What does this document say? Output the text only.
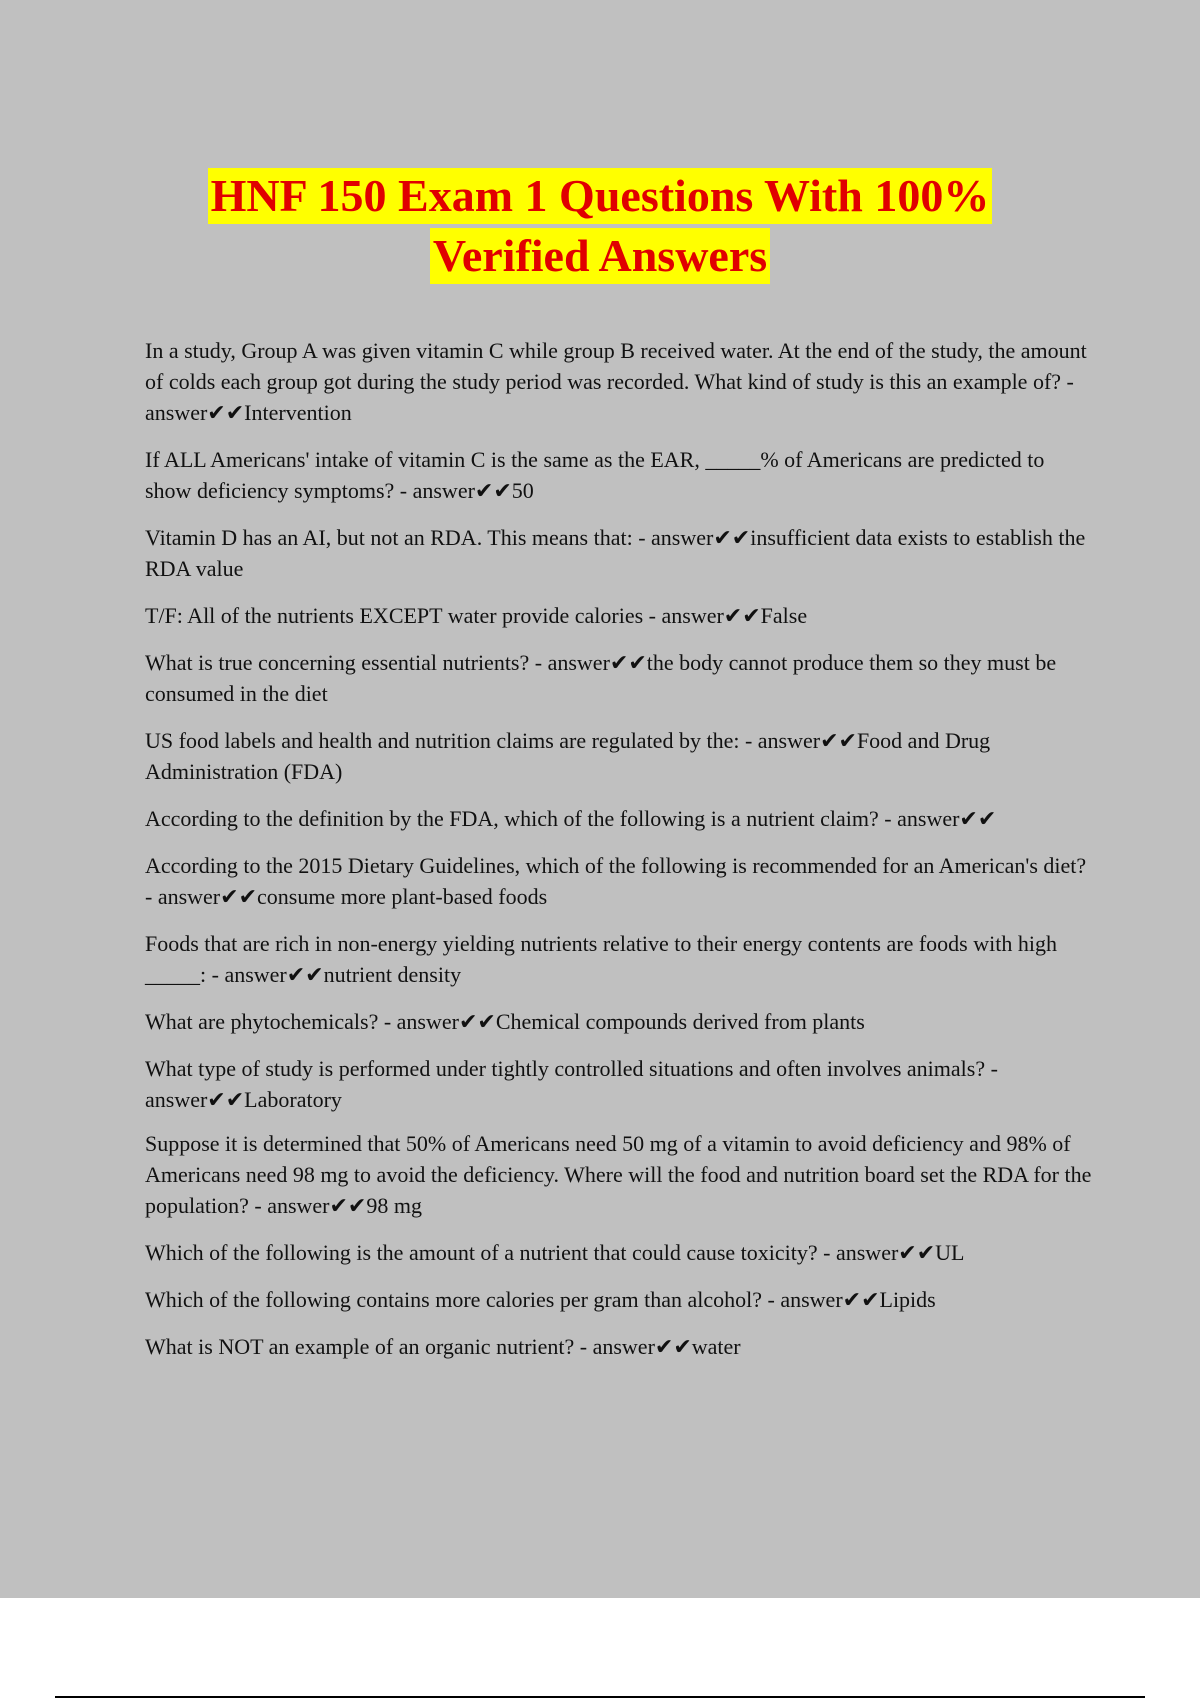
HNF 150 Exam 1 Questions With 100%
Verified Answers

In a study, Group A was given vitamin C while group B received water. At the end of the study, the amount of colds each group got during the study period was recorded. What kind of study is this an example of? - answer✔✔Intervention

If ALL Americans' intake of vitamin C is the same as the EAR, _____% of Americans are predicted to show deficiency symptoms? - answer✔✔50

Vitamin D has an AI, but not an RDA. This means that: - answer✔✔insufficient data exists to establish the RDA value

T/F: All of the nutrients EXCEPT water provide calories - answer✔✔False

What is true concerning essential nutrients? - answer✔✔the body cannot produce them so they must be consumed in the diet

US food labels and health and nutrition claims are regulated by the: - answer✔✔Food and Drug Administration (FDA)

According to the definition by the FDA, which of the following is a nutrient claim? - answer✔✔

According to the 2015 Dietary Guidelines, which of the following is recommended for an American's diet? - answer✔✔consume more plant-based foods

Foods that are rich in non-energy yielding nutrients relative to their energy contents are foods with high _____: - answer✔✔nutrient density

What are phytochemicals? - answer✔✔Chemical compounds derived from plants

What type of study is performed under tightly controlled situations and often involves animals? - answer✔✔Laboratory

Suppose it is determined that 50% of Americans need 50 mg of a vitamin to avoid deficiency and 98% of Americans need 98 mg to avoid the deficiency. Where will the food and nutrition board set the RDA for the population? - answer✔✔98 mg

Which of the following is the amount of a nutrient that could cause toxicity? - answer✔✔UL

Which of the following contains more calories per gram than alcohol? - answer✔✔Lipids

What is NOT an example of an organic nutrient? - answer✔✔water
